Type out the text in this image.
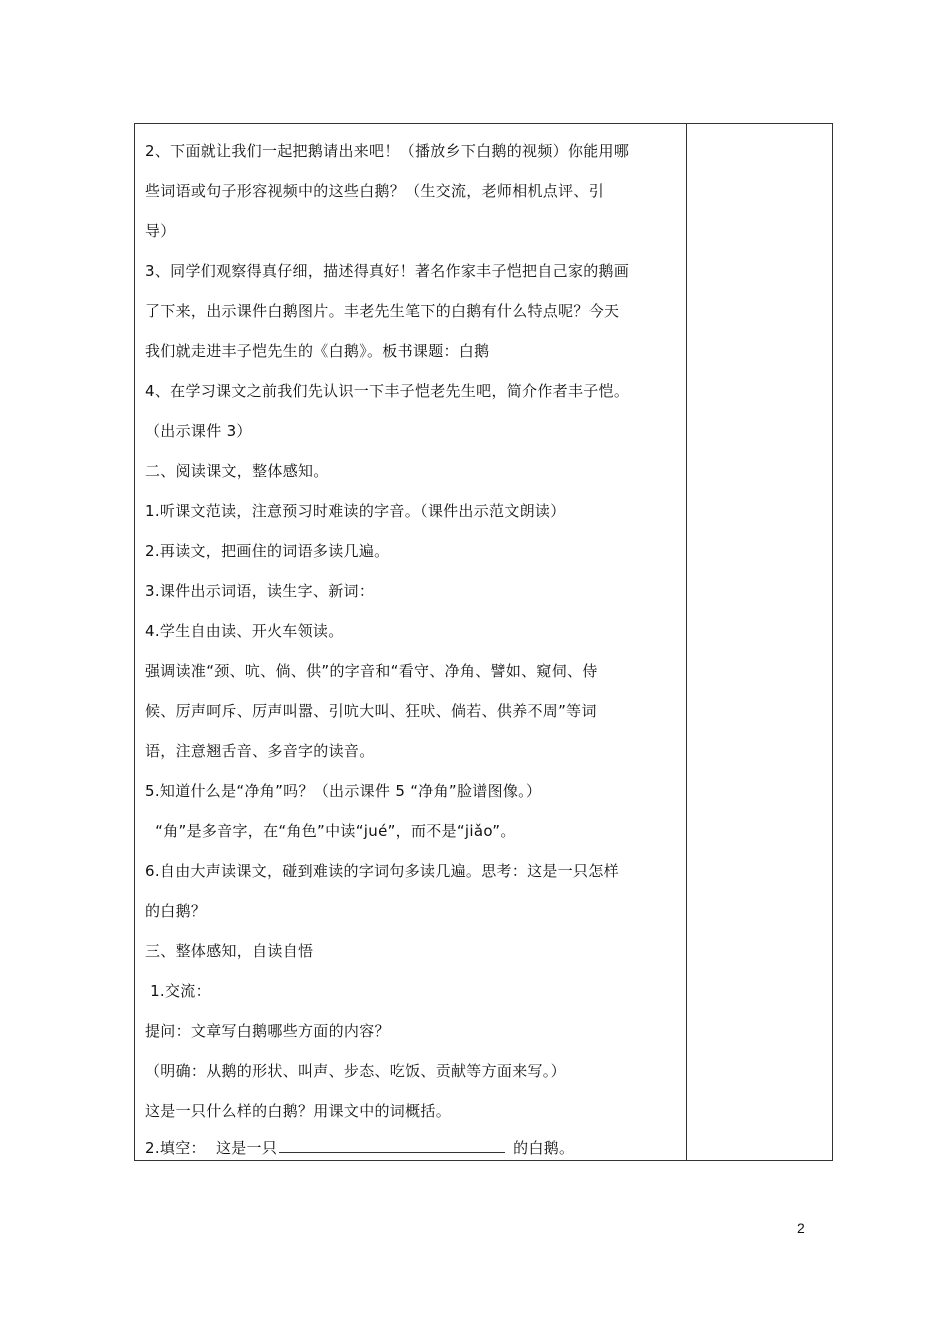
2、下面就让我们一起把鹅请出来吧！（播放乡下白鹅的视频）你能用哪
些词语或句子形容视频中的这些白鹅？（生交流，老师相机点评、引
导）
3、同学们观察得真仔细，描述得真好！著名作家丰子恺把自己家的鹅画
了下来，出示课件白鹅图片。丰老先生笔下的白鹅有什么特点呢？今天
我们就走进丰子恺先生的《白鹅》。板书课题：白鹅
4、在学习课文之前我们先认识一下丰子恺老先生吧，简介作者丰子恺。
（出示课件 3）
二、阅读课文，整体感知。
1.听课文范读，注意预习时难读的字音。（课件出示范文朗读）
2.再读文，把画住的词语多读几遍。
3.课件出示词语，读生字、新词：
4.学生自由读、开火车领读。
强调读准“颈、吭、倘、供”的字音和“看守、净角、譬如、窥伺、侍
候、厉声呵斥、厉声叫嚣、引吭大叫、狂吠、倘若、供养不周”等词
语，注意翘舌音、多音字的读音。
5.知道什么是“净角”吗？（出示课件 5 “净角”脸谱图像。）
“角”是多音字，在“角色”中读“jué”，而不是“jiǎo”。
6.自由大声读课文，碰到难读的字词句多读几遍。思考：这是一只怎样
的白鹅？
三、整体感知，自读自悟
1.交流：
提问：文章写白鹅哪些方面的内容？
（明确：从鹅的形状、叫声、步态、吃饭、贡献等方面来写。）
这是一只什么样的白鹅？用课文中的词概括。
2.填空：  这是一只	的白鹅。
2
